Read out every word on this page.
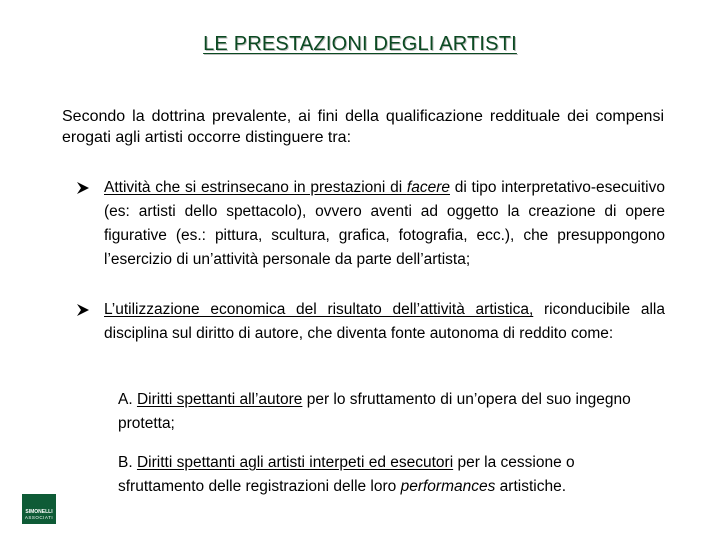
LE PRESTAZIONI DEGLI ARTISTI
Secondo la dottrina prevalente, ai fini della qualificazione reddituale dei compensi erogati agli artisti occorre distinguere tra:
Attività che si estrinsecano in prestazioni di facere di tipo interpretativo-esecuitivo (es: artisti dello spettacolo), ovvero aventi ad oggetto la creazione di opere figurative (es.: pittura, scultura, grafica, fotografia, ecc.), che presuppongono l’esercizio di un’attività personale da parte dell’artista;
L’utilizzazione economica del risultato dell’attività artistica, riconducibile alla disciplina sul diritto di autore, che diventa fonte autonoma di reddito come:
A. Diritti spettanti all’autore per lo sfruttamento di un’opera del suo ingegno protetta;
B. Diritti spettanti agli artisti interpeti ed esecutori per la cessione o sfruttamento delle registrazioni delle loro performances artistiche.
SIMONELLI
ASSOCIATI
